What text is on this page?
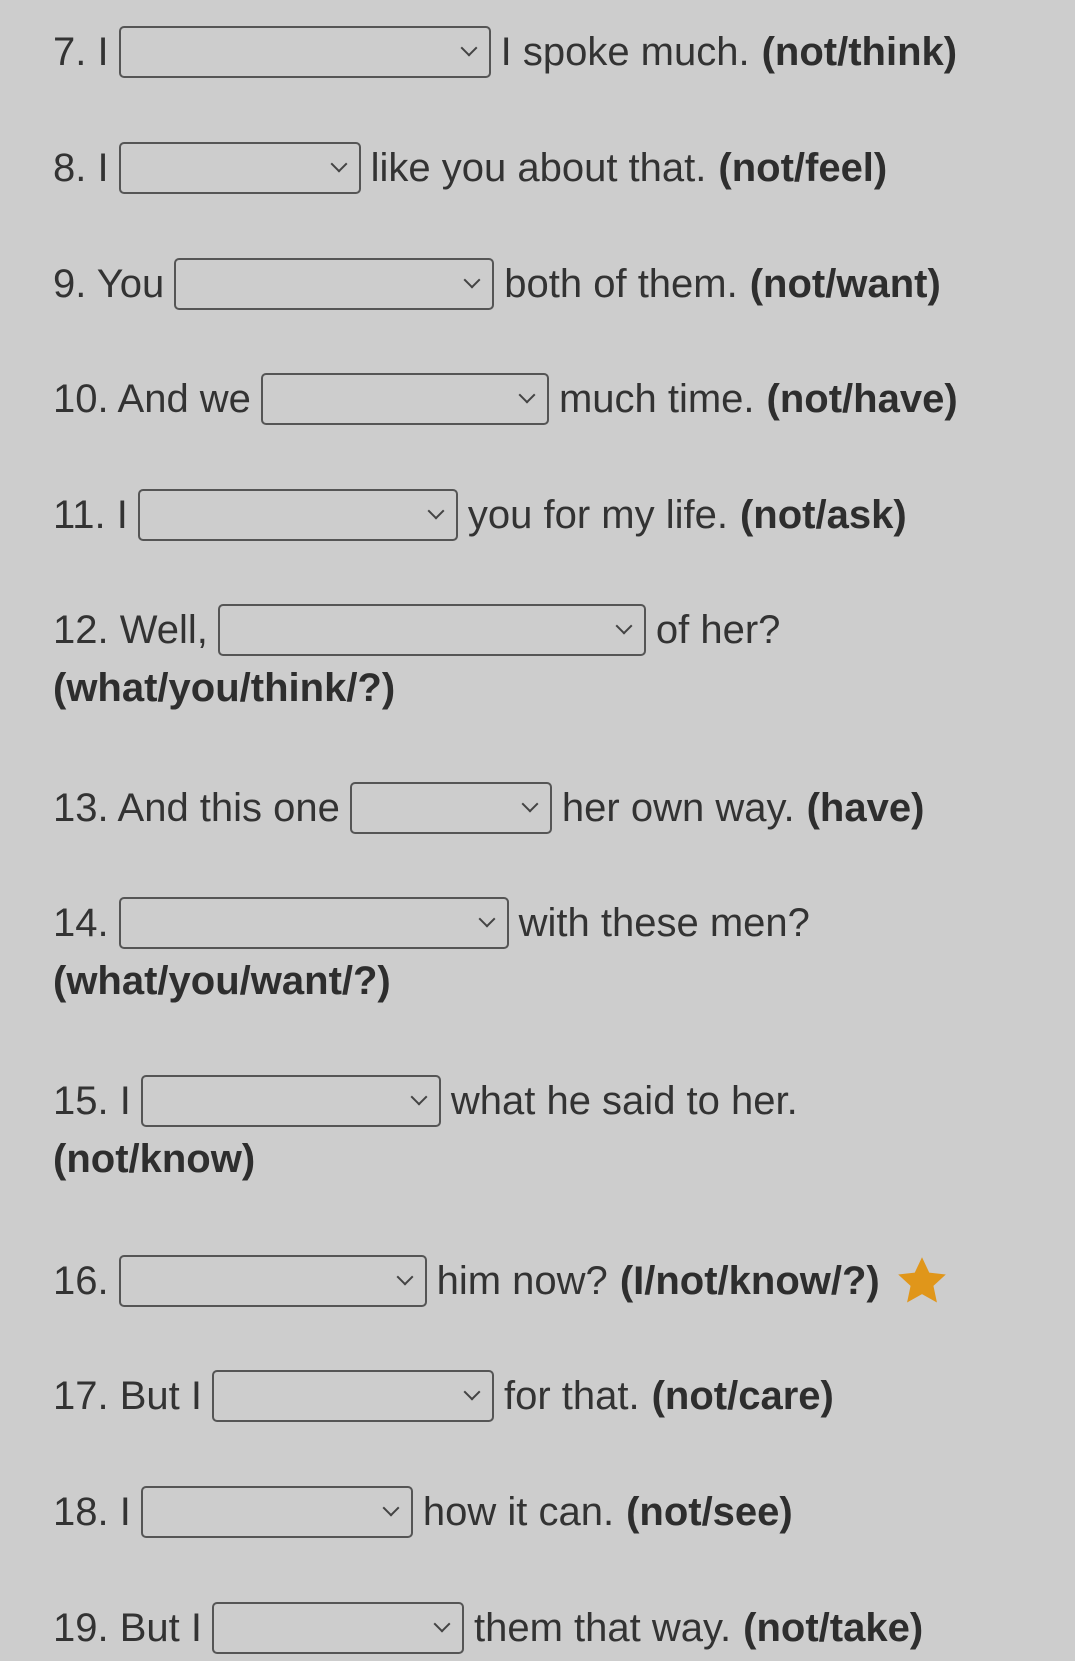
7. I	I spoke much. (not/think)
8. I	like you about that. (not/feel)
9. You	both of them. (not/want)
10. And we	much time. (not/have)
11. I	you for my life. (not/ask)
12. Well,	of her?
(what/you/think/?)
13. And this one	her own way. (have)
14.	with these men?
(what/you/want/?)
15. I	what he said to her.
(not/know)
16.	him now? (I/not/know/?)
17. But I	for that. (not/care)
18. I	how it can. (not/see)
19. But I	them that way. (not/take)
